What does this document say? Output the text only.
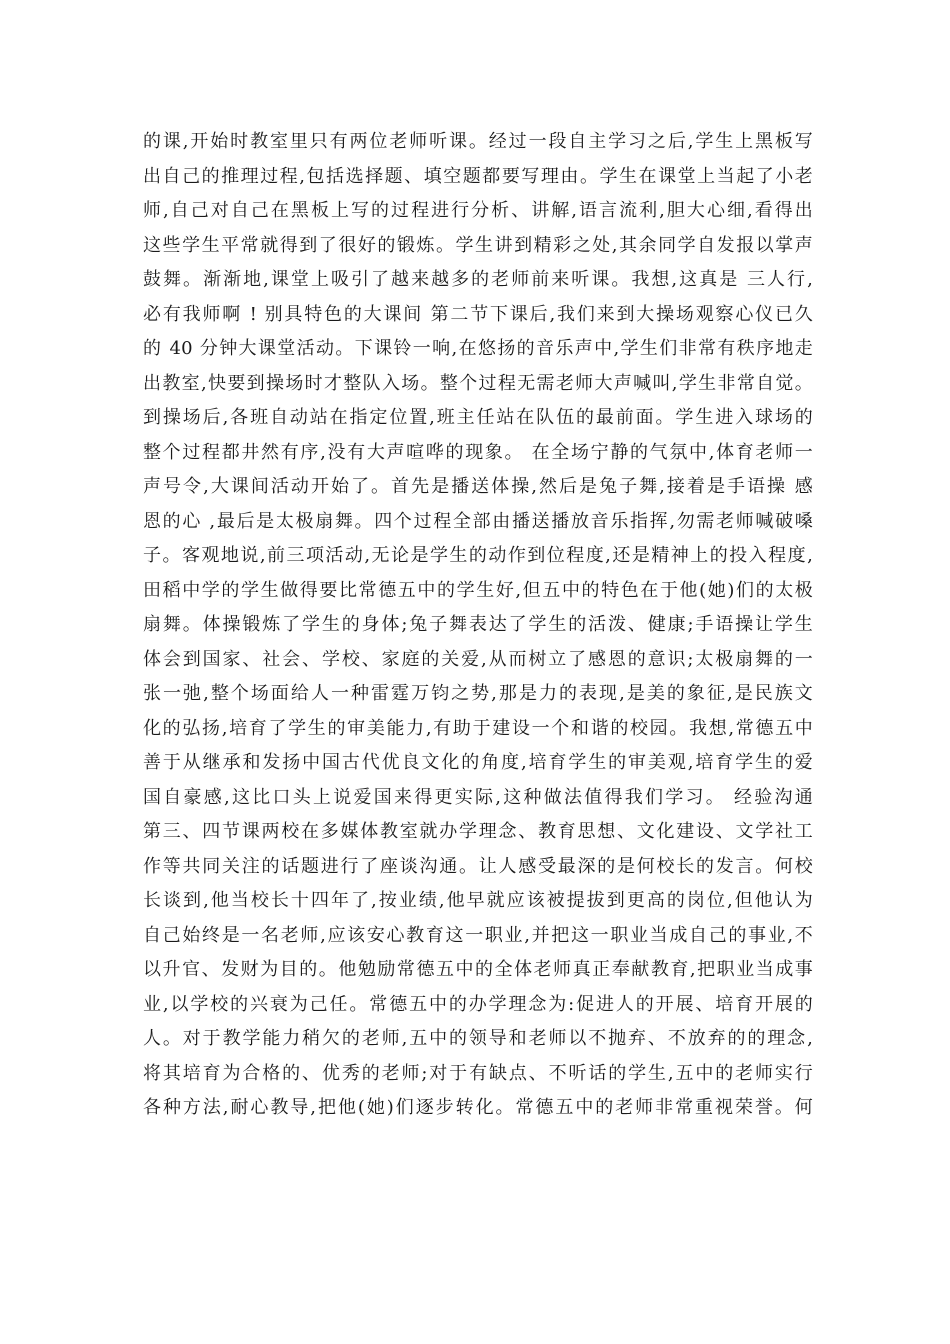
的课,开始时教室里只有两位老师听课。经过一段自主学习之后,学生上黑板写
出自己的推理过程,包括选择题、填空题都要写理由。学生在课堂上当起了小老
师,自己对自己在黑板上写的过程进行分析、讲解,语言流利,胆大心细,看得出
这些学生平常就得到了很好的锻炼。学生讲到精彩之处,其余同学自发报以掌声
鼓舞。渐渐地,课堂上吸引了越来越多的老师前来听课。我想,这真是 三人行,
必有我师啊 ! 别具特色的大课间 第二节下课后,我们来到大操场观察心仪已久
的 40 分钟大课堂活动。下课铃一响,在悠扬的音乐声中,学生们非常有秩序地走
出教室,快要到操场时才整队入场。整个过程无需老师大声喊叫,学生非常自觉。
到操场后,各班自动站在指定位置,班主任站在队伍的最前面。学生进入球场的
整个过程都井然有序,没有大声喧哗的现象。 在全场宁静的气氛中,体育老师一
声号令,大课间活动开始了。首先是播送体操,然后是兔子舞,接着是手语操 感
恩的心 ,最后是太极扇舞。四个过程全部由播送播放音乐指挥,勿需老师喊破嗓
子。客观地说,前三项活动,无论是学生的动作到位程度,还是精神上的投入程度,
田稻中学的学生做得要比常德五中的学生好,但五中的特色在于他(她)们的太极
扇舞。体操锻炼了学生的身体;兔子舞表达了学生的活泼、健康;手语操让学生
体会到国家、社会、学校、家庭的关爱,从而树立了感恩的意识;太极扇舞的一
张一弛,整个场面给人一种雷霆万钧之势,那是力的表现,是美的象征,是民族文
化的弘扬,培育了学生的审美能力,有助于建设一个和谐的校园。我想,常德五中
善于从继承和发扬中国古代优良文化的角度,培育学生的审美观,培育学生的爱
国自豪感,这比口头上说爱国来得更实际,这种做法值得我们学习。 经验沟通
第三、四节课两校在多媒体教室就办学理念、教育思想、文化建设、文学社工
作等共同关注的话题进行了座谈沟通。让人感受最深的是何校长的发言。何校
长谈到,他当校长十四年了,按业绩,他早就应该被提拔到更高的岗位,但他认为
自己始终是一名老师,应该安心教育这一职业,并把这一职业当成自己的事业,不
以升官、发财为目的。他勉励常德五中的全体老师真正奉献教育,把职业当成事
业,以学校的兴衰为己任。常德五中的办学理念为:促进人的开展、培育开展的
人。对于教学能力稍欠的老师,五中的领导和老师以不抛弃、不放弃的的理念,
将其培育为合格的、优秀的老师;对于有缺点、不听话的学生,五中的老师实行
各种方法,耐心教导,把他(她)们逐步转化。常德五中的老师非常重视荣誉。何
